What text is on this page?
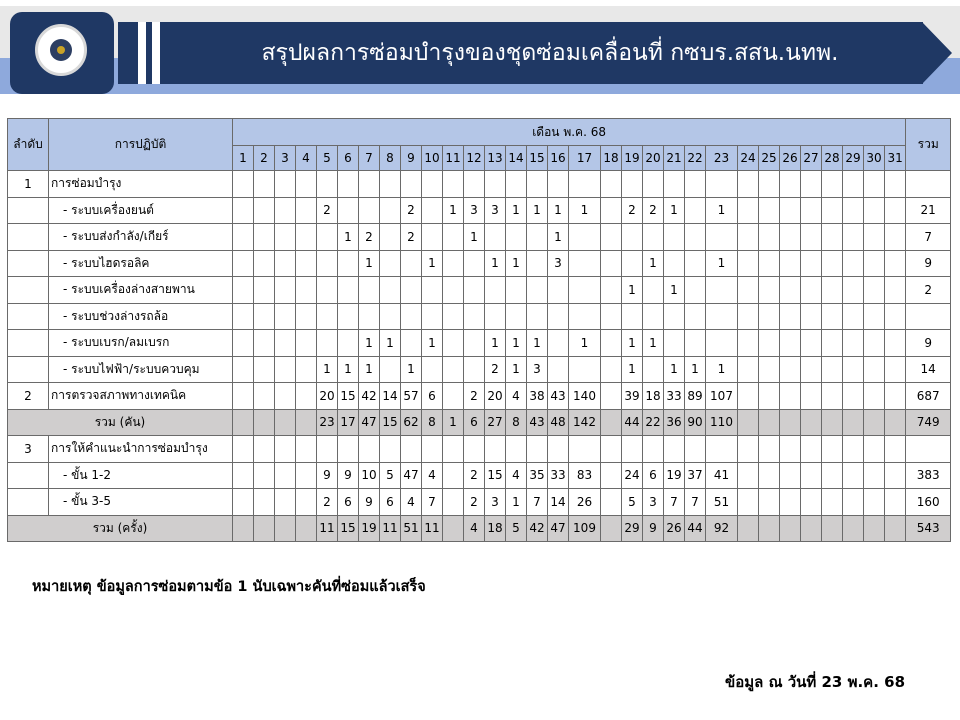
สรุปผลการซ่อมบำรุงของชุดซ่อมเคลื่อนที่ กซบร.สสน.นทพ.
ลำดับ	การปฏิบัติ	เดือน พ.ค. 68																															รวม
		1	2	3	4	5	6	7	8	9	10	11	12	13	14	15	16	17	18	19	20	21	22	23	24	25	26	27	28	29	30	31	
1	การซ่อมบำรุง																																
	- ระบบเครื่องยนต์					2				2		1	3	3	1	1	1	1		2	2	1		1									21
	- ระบบส่งกำลัง/เกียร์						1	2		2			1				1																7
	- ระบบไฮดรอลิค							1			1			1	1		3				1			1									9
	- ระบบเครื่องล่างสายพาน																			1		1											2
	- ระบบช่วงล่างรถล้อ																																
	- ระบบเบรก/ลมเบรก							1	1		1			1	1	1		1		1	1												9
	- ระบบไฟฟ้า/ระบบควบคุม					1	1	1		1				2	1	3				1		1	1	1									14
2	การตรวจสภาพทางเทคนิค					20	15	42	14	57	6		2	20	4	38	43	140		39	18	33	89	107									687
รวม (คัน)						23	17	47	15	62	8	1	6	27	8	43	48	142		44	22	36	90	110									749
3	การให้คำแนะนำการซ่อมบำรุง																																
	- ขั้น 1-2					9	9	10	5	47	4		2	15	4	35	33	83		24	6	19	37	41									383
	- ขั้น 3-5					2	6	9	6	4	7		2	3	1	7	14	26		5	3	7	7	51									160
รวม (ครั้ง)						11	15	19	11	51	11		4	18	5	42	47	109		29	9	26	44	92									543
หมายเหตุ ข้อมูลการซ่อมตามข้อ 1 นับเฉพาะคันที่ซ่อมแล้วเสร็จ
ข้อมูล ณ วันที่ 23 พ.ค. 68
